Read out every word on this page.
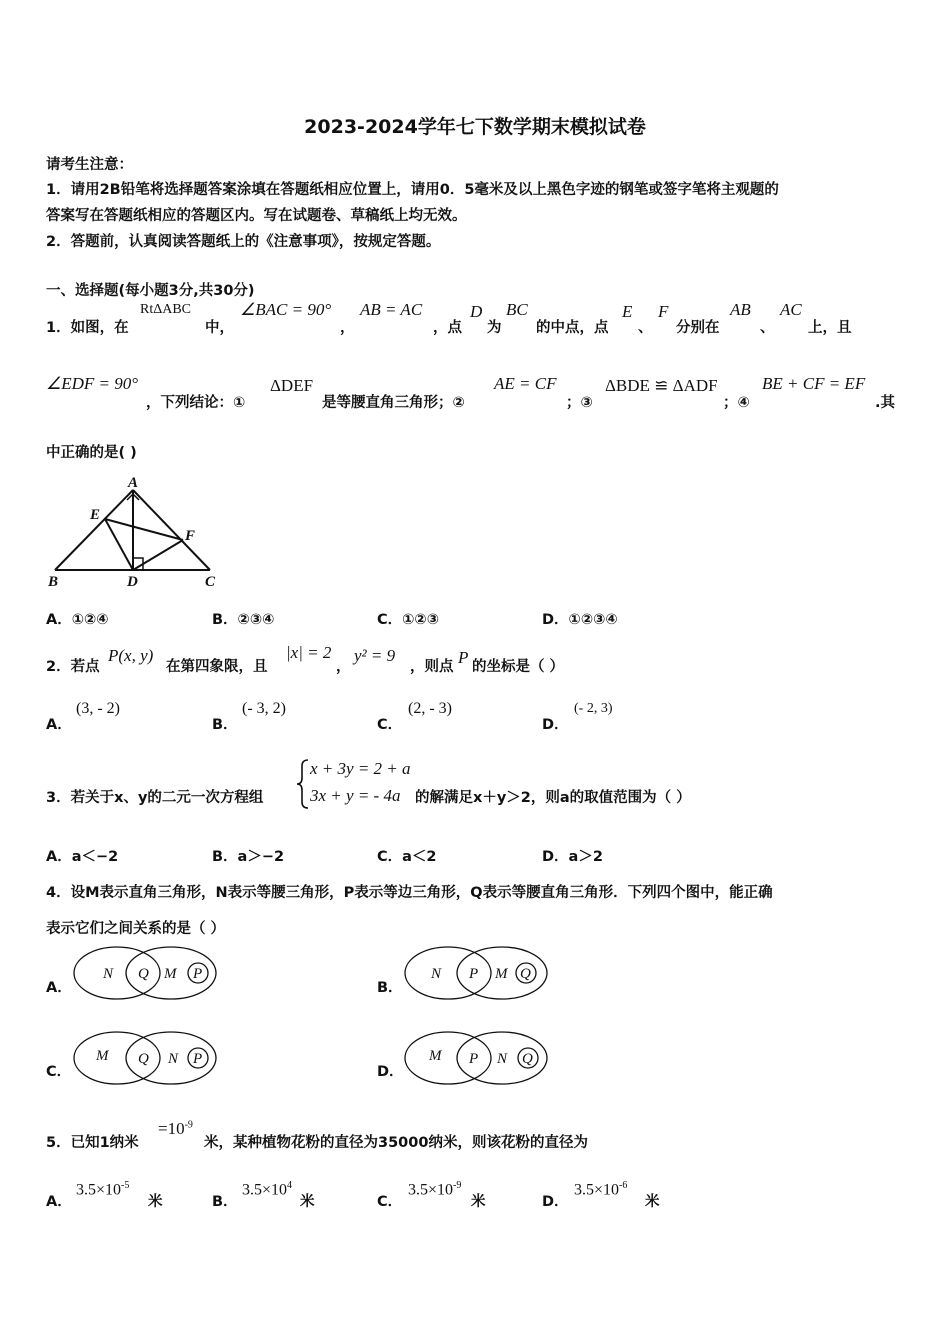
2023-2024学年七下数学期末模拟试卷
请考生注意：
1．请用2B铅笔将选择题答案涂填在答题纸相应位置上，请用0．5毫米及以上黑色字迹的钢笔或签字笔将主观题的
答案写在答题纸相应的答题区内。写在试题卷、草稿纸上均无效。
2．答题前，认真阅读答题纸上的《注意事项》，按规定答题。
一、选择题(每小题3分,共30分)
1．如图，在
RtΔABC
中，
∠BAC = 90°
，
AB = AC
，点
D
为
BC
的中点，点
E
、
F
分别在
AB
、
AC
上，且
∠EDF = 90°
，下列结论：①
ΔDEF
是等腰直角三角形；②
AE = CF
；③
ΔBDE ≌ ΔADF
；④
BE + CF = EF
.其
中正确的是( )
A
B	C
D
E
F
A．①②④	B．②③④	C．①②③	D．①②③④
2．若点
P(x, y)
在第四象限，且
|x| = 2
，
y² = 9
，则点 P 的坐标是（ ）
A．
(3, - 2)
B．
(- 3, 2)
C．
(2, - 3)
D．
(- 2, 3)
3．若关于x、y的二元一次方程组
x + 3y = 2 + a
3x + y = - 4a 的解满足x＋y＞2，则a的取值范围为（ ）
A．a＜−2	B．a＞−2	C．a＜2	D．a＞2
4．设M表示直角三角形，N表示等腰三角形，P表示等边三角形，Q表示等腰直角三角形．下列四个图中，能正确
表示它们之间关系的是（ ）
A．
N Q M P
B．
N P M Q
C．
M Q N P
D．
M P N Q
5．已知1纳米
$=10^{-9}$
米，某种植物花粉的直径为35000纳米，则该花粉的直径为
A．
$3.5\times 10^{-5}$
米	B．
$3.5\times 10^4$
米	C．
$3.5\times 10^{-9}$
米	D．
$3.5\times 10^{-6}$
米
